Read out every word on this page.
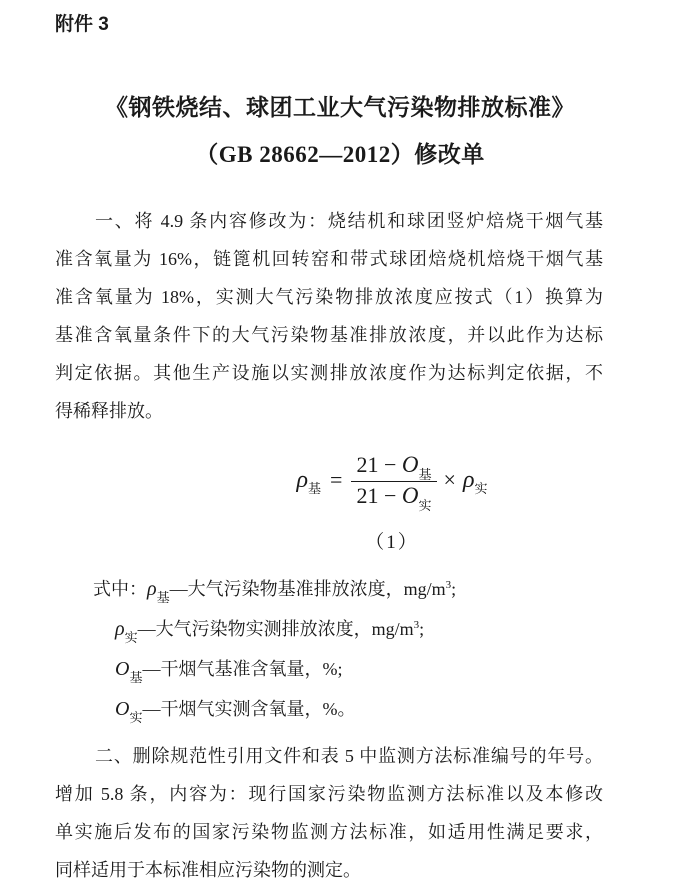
附件 3
《钢铁烧结、球团工业大气污染物排放标准》
（GB 28662—2012）修改单
一、将 4.9 条内容修改为：烧结机和球团竖炉焙烧干烟气基
准含氧量为 16%，链篦机回转窑和带式球团焙烧机焙烧干烟气基
准含氧量为 18%，实测大气污染物排放浓度应按式（1）换算为
基准含氧量条件下的大气污染物基准排放浓度，并以此作为达标
判定依据。其他生产设施以实测排放浓度作为达标判定依据，不
得稀释排放。
ρ 基 = $\frac{21 - O_基}{21 - O_实} \times \rho$ 实
（1）
式中：$\rho_基—$大气污染物基准排放浓度，$mg/m^3$;
$\rho_实—$大气污染物实测排放浓度，$mg/m^3$;
$O_基—$干烟气基准含氧量，%;
$O_实—$干烟气实测含氧量，%。
二、删除规范性引用文件和表 5 中监测方法标准编号的年号。
增加 5.8 条，内容为：现行国家污染物监测方法标准以及本修改
单实施后发布的国家污染物监测方法标准，如适用性满足要求，
同样适用于本标准相应污染物的测定。
